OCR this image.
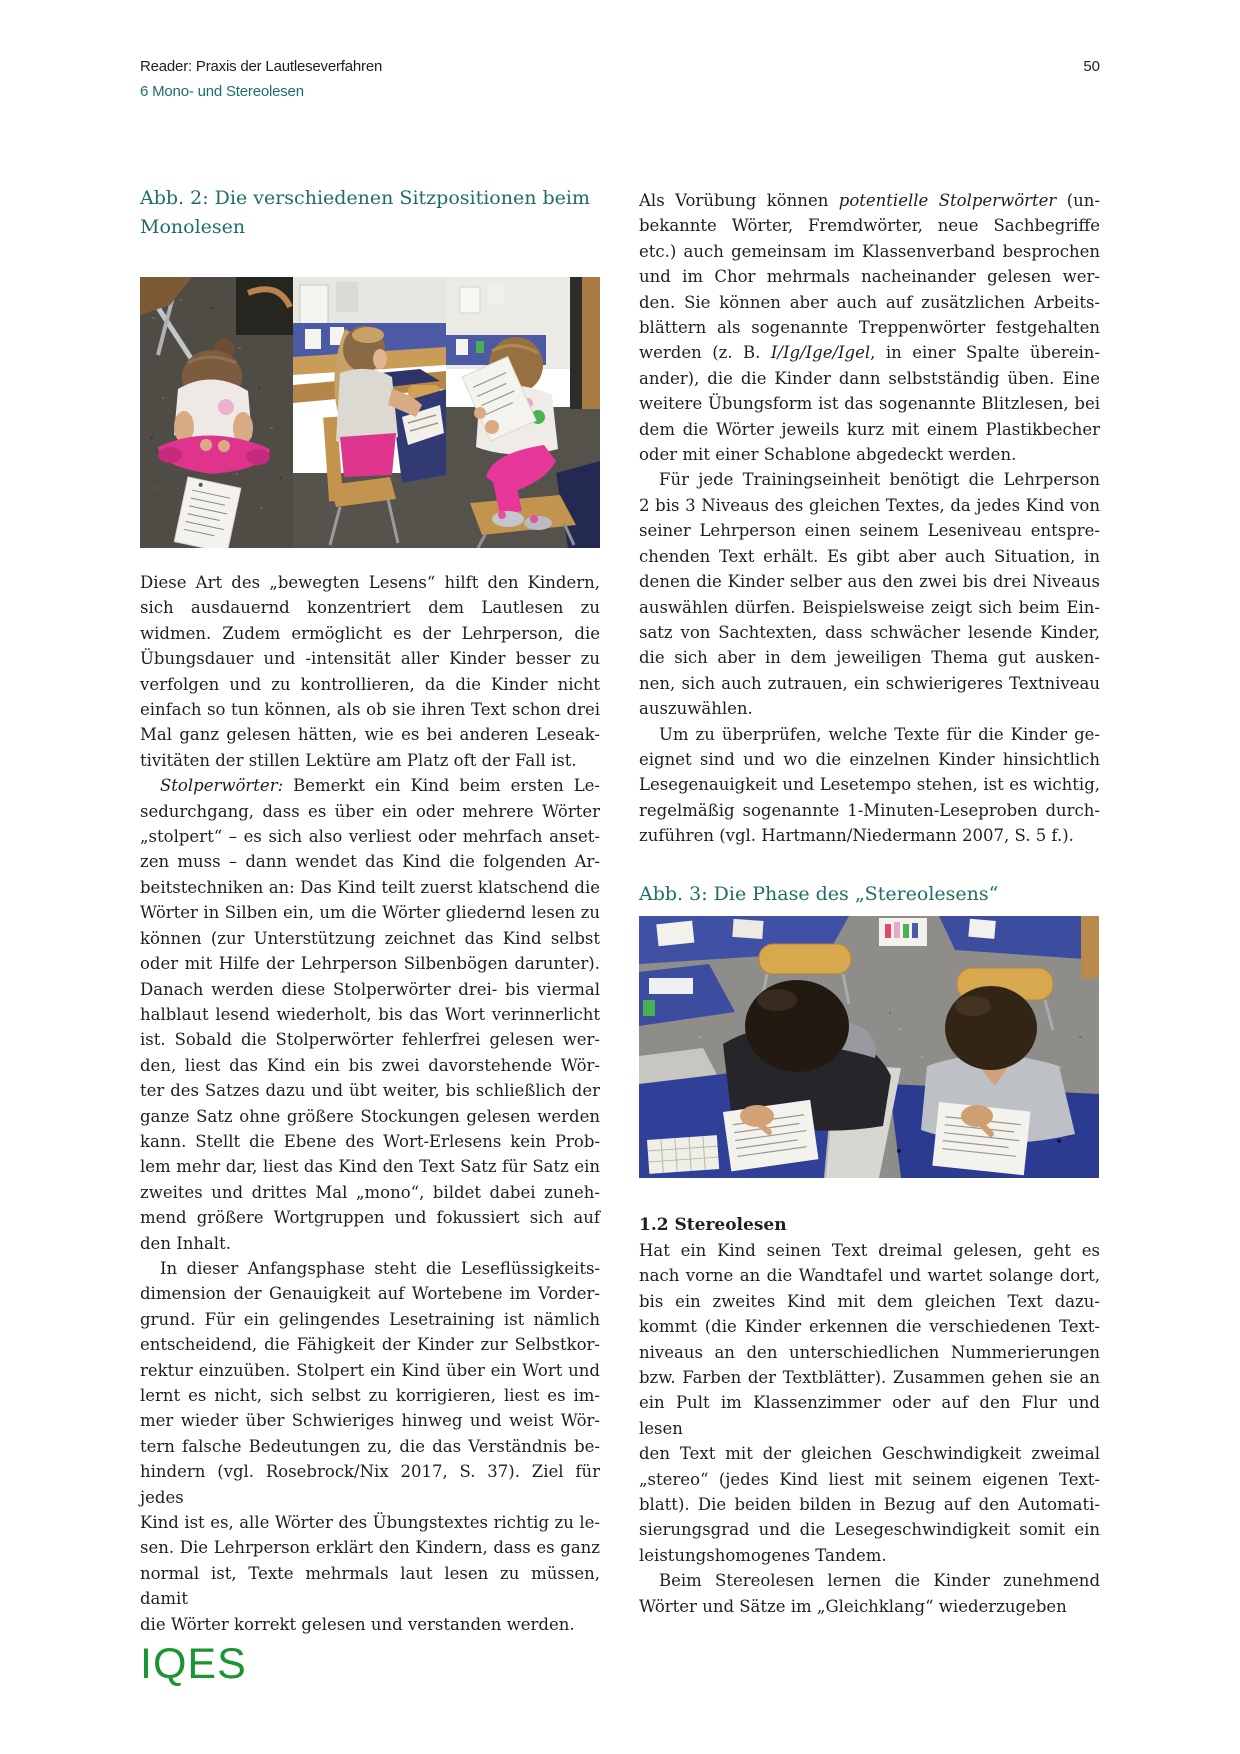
Reader: Praxis der Lautleseverfahren
6 Mono- und Stereolesen
50
Abb. 2: Die verschiedenen Sitzpositionen beim
Monolesen
Diese Art des „bewegten Lesens“ hilft den Kindern,
sich ausdauernd konzentriert dem Lautlesen zu
widmen. Zudem ermöglicht es der Lehrperson, die
Übungsdauer und -intensität aller Kinder besser zu
verfolgen und zu kontrollieren, da die Kinder nicht
einfach so tun können, als ob sie ihren Text schon drei
Mal ganz gelesen hätten, wie es bei anderen Leseak-
tivitäten der stillen Lektüre am Platz oft der Fall ist.
Stolperwörter: Bemerkt ein Kind beim ersten Le-
sedurchgang, dass es über ein oder mehrere Wörter
„stolpert“ – es sich also verliest oder mehrfach anset-
zen muss – dann wendet das Kind die folgenden Ar-
beitstechniken an: Das Kind teilt zuerst klatschend die
Wörter in Silben ein, um die Wörter gliedernd lesen zu
können (zur Unterstützung zeichnet das Kind selbst
oder mit Hilfe der Lehrperson Silbenbögen darunter).
Danach werden diese Stolperwörter drei- bis viermal
halblaut lesend wiederholt, bis das Wort verinnerlicht
ist. Sobald die Stolperwörter fehlerfrei gelesen wer-
den, liest das Kind ein bis zwei davorstehende Wör-
ter des Satzes dazu und übt weiter, bis schließlich der
ganze Satz ohne größere Stockungen gelesen werden
kann. Stellt die Ebene des Wort-Erlesens kein Prob-
lem mehr dar, liest das Kind den Text Satz für Satz ein
zweites und drittes Mal „mono“, bildet dabei zuneh-
mend größere Wortgruppen und fokussiert sich auf
den Inhalt.
In dieser Anfangsphase steht die Leseflüssigkeits-
dimension der Genauigkeit auf Wortebene im Vorder-
grund. Für ein gelingendes Lesetraining ist nämlich
entscheidend, die Fähigkeit der Kinder zur Selbstkor-
rektur einzuüben. Stolpert ein Kind über ein Wort und
lernt es nicht, sich selbst zu korrigieren, liest es im-
mer wieder über Schwieriges hinweg und weist Wör-
tern falsche Bedeutungen zu, die das Verständnis be-
hindern (vgl. Rosebrock/Nix 2017, S. 37). Ziel für jedes
Kind ist es, alle Wörter des Übungstextes richtig zu le-
sen. Die Lehrperson erklärt den Kindern, dass es ganz
normal ist, Texte mehrmals laut lesen zu müssen, damit
die Wörter korrekt gelesen und verstanden werden.
Als Vorübung können potentielle Stolperwörter (un-
bekannte Wörter, Fremdwörter, neue Sachbegriffe
etc.) auch gemeinsam im Klassenverband besprochen
und im Chor mehrmals nacheinander gelesen wer-
den. Sie können aber auch auf zusätzlichen Arbeits-
blättern als sogenannte Treppenwörter festgehalten
werden (z. B. I/Ig/Ige/Igel, in einer Spalte überein-
ander), die die Kinder dann selbstständig üben. Eine
weitere Übungsform ist das sogenannte Blitzlesen, bei
dem die Wörter jeweils kurz mit einem Plastikbecher
oder mit einer Schablone abgedeckt werden.
Für jede Trainingseinheit benötigt die Lehrperson
2 bis 3 Niveaus des gleichen Textes, da jedes Kind von
seiner Lehrperson einen seinem Leseniveau entspre-
chenden Text erhält. Es gibt aber auch Situation, in
denen die Kinder selber aus den zwei bis drei Niveaus
auswählen dürfen. Beispielsweise zeigt sich beim Ein-
satz von Sachtexten, dass schwächer lesende Kinder,
die sich aber in dem jeweiligen Thema gut ausken-
nen, sich auch zutrauen, ein schwierigeres Textniveau
auszuwählen.
Um zu überprüfen, welche Texte für die Kinder ge-
eignet sind und wo die einzelnen Kinder hinsichtlich
Lesegenauigkeit und Lesetempo stehen, ist es wichtig,
regelmäßig sogenannte 1-Minuten-Leseproben durch-
zuführen (vgl. Hartmann/Niedermann 2007, S. 5 f.).
Abb. 3: Die Phase des „Stereolesens“
1.2 Stereolesen
Hat ein Kind seinen Text dreimal gelesen, geht es
nach vorne an die Wandtafel und wartet solange dort,
bis ein zweites Kind mit dem gleichen Text dazu-
kommt (die Kinder erkennen die verschiedenen Text-
niveaus an den unterschiedlichen Nummerierungen
bzw. Farben der Textblätter). Zusammen gehen sie an
ein Pult im Klassenzimmer oder auf den Flur und lesen
den Text mit der gleichen Geschwindigkeit zweimal
„stereo“ (jedes Kind liest mit seinem eigenen Text-
blatt). Die beiden bilden in Bezug auf den Automati-
sierungsgrad und die Lesegeschwindigkeit somit ein
leistungshomogenes Tandem.
Beim Stereolesen lernen die Kinder zunehmend
Wörter und Sätze im „Gleichklang“ wiederzugeben
IQES
